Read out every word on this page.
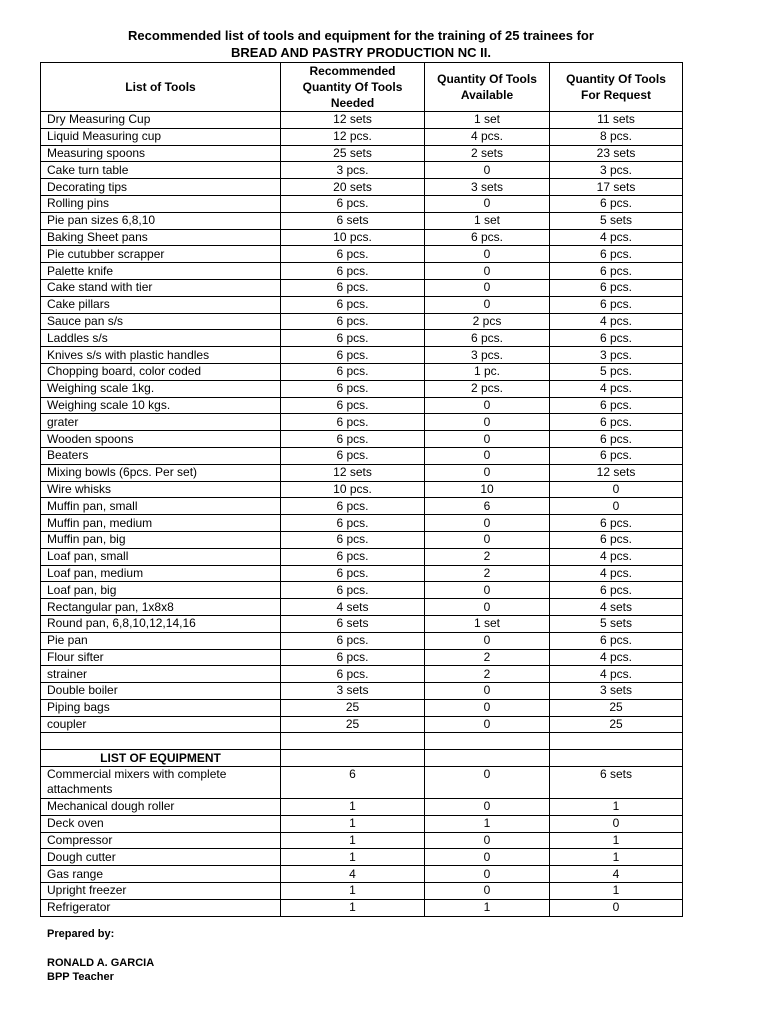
Recommended list of tools and equipment for the training of 25 trainees for
BREAD AND PASTRY PRODUCTION NC II.
List of Tools	Recommended Quantity Of Tools Needed	Quantity Of Tools Available	Quantity Of Tools For Request
Dry Measuring Cup	12 sets	1 set	11 sets
Liquid Measuring cup	12 pcs.	4 pcs.	8 pcs.
Measuring spoons	25 sets	2 sets	23 sets
Cake turn table	3 pcs.	0	3 pcs.
Decorating tips	20 sets	3 sets	17 sets
Rolling pins	6 pcs.	0	6 pcs.
Pie pan sizes 6,8,10	6 sets	1 set	5 sets
Baking Sheet pans	10 pcs.	6 pcs.	4 pcs.
Pie cutubber scrapper	6 pcs.	0	6 pcs.
Palette knife	6 pcs.	0	6 pcs.
Cake stand with tier	6 pcs.	0	6 pcs.
Cake pillars	6 pcs.	0	6 pcs.
Sauce pan s/s	6 pcs.	2 pcs	4 pcs.
Laddles s/s	6 pcs.	6 pcs.	6 pcs.
Knives s/s with plastic handles	6 pcs.	3 pcs.	3 pcs.
Chopping board, color coded	6 pcs.	1 pc.	5 pcs.
Weighing scale 1kg.	6 pcs.	2 pcs.	4 pcs.
Weighing scale 10 kgs.	6 pcs.	0	6 pcs.
grater	6 pcs.	0	6 pcs.
Wooden spoons	6 pcs.	0	6 pcs.
Beaters	6 pcs.	0	6 pcs.
Mixing bowls (6pcs. Per set)	12 sets	0	12 sets
Wire whisks	10 pcs.	10	0
Muffin pan, small	6 pcs.	6	0
Muffin pan, medium	6 pcs.	0	6 pcs.
Muffin pan, big	6 pcs.	0	6 pcs.
Loaf pan, small	6 pcs.	2	4 pcs.
Loaf pan, medium	6 pcs.	2	4 pcs.
Loaf pan, big	6 pcs.	0	6 pcs.
Rectangular pan, 1x8x8	4 sets	0	4 sets
Round pan, 6,8,10,12,14,16	6 sets	1 set	5 sets
Pie pan	6 pcs.	0	6 pcs.
Flour sifter	6 pcs.	2	4 pcs.
strainer	6 pcs.	2	4 pcs.
Double boiler	3 sets	0	3 sets
Piping bags	25	0	25
coupler	25	0	25

LIST OF EQUIPMENT			
Commercial mixers with complete attachments	6	0	6 sets
Mechanical dough roller	1	0	1
Deck oven	1	1	0
Compressor	1	0	1
Dough cutter	1	0	1
Gas range	4	0	4
Upright freezer	1	0	1
Refrigerator	1	1	0
Prepared by:
RONALD A. GARCIA
BPP Teacher
